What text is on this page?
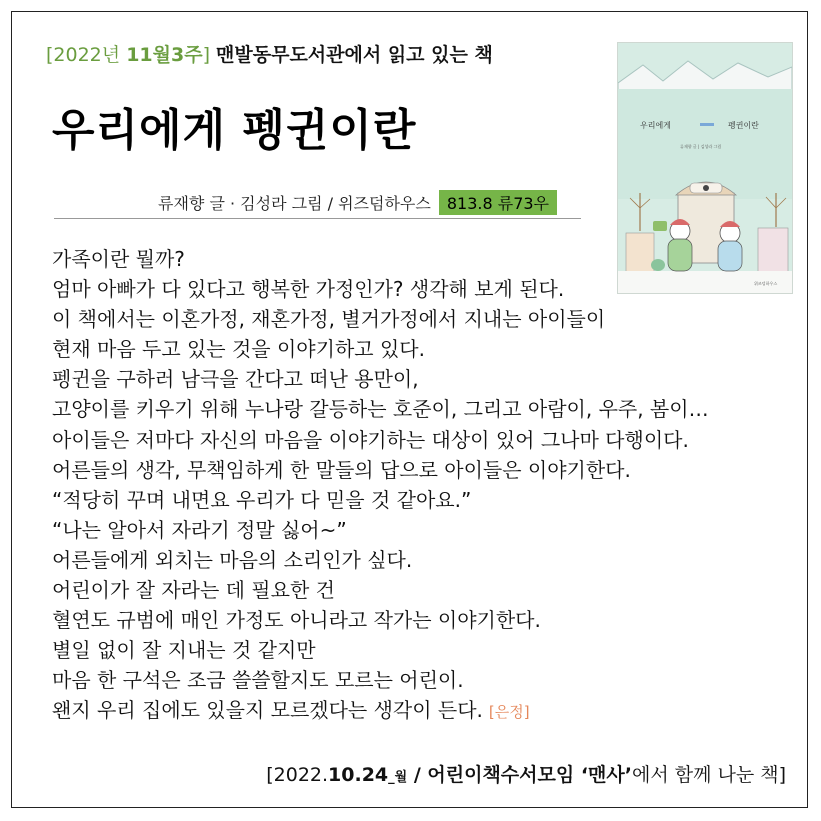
[2022년 11월3주] 맨발동무도서관에서 읽고 있는 책
우리에게 펭귄이란
류재향 글 · 김성라 그림 / 위즈덤하우스	813.8 류73우
우리에게	펭귄이란
류재향 글 | 김성라 그림
위즈덤하우스
가족이란 뭘까?
엄마 아빠가 다 있다고 행복한 가정인가? 생각해 보게 된다.
이 책에서는 이혼가정, 재혼가정, 별거가정에서 지내는 아이들이
현재 마음 두고 있는 것을 이야기하고 있다.
펭귄을 구하러 남극을 간다고 떠난 용만이,
고양이를 키우기 위해 누나랑 갈등하는 호준이, 그리고 아람이, 우주, 봄이…
아이들은 저마다 자신의 마음을 이야기하는 대상이 있어 그나마 다행이다.
어른들의 생각, 무책임하게 한 말들의 답으로 아이들은 이야기한다.
“적당히 꾸며 내면요 우리가 다 믿을 것 같아요.”
“나는 알아서 자라기 정말 싫어~”
어른들에게 외치는 마음의 소리인가 싶다.
어린이가 잘 자라는 데 필요한 건
혈연도 규범에 매인 가정도 아니라고 작가는 이야기한다.
별일 없이 잘 지내는 것 같지만
마음 한 구석은 조금 쓸쓸할지도 모르는 어린이.
왠지 우리 집에도 있을지 모르겠다는 생각이 든다. [은정]
[2022.10.24_월 / 어린이책수서모임 ‘맨사’에서 함께 나눈 책]
